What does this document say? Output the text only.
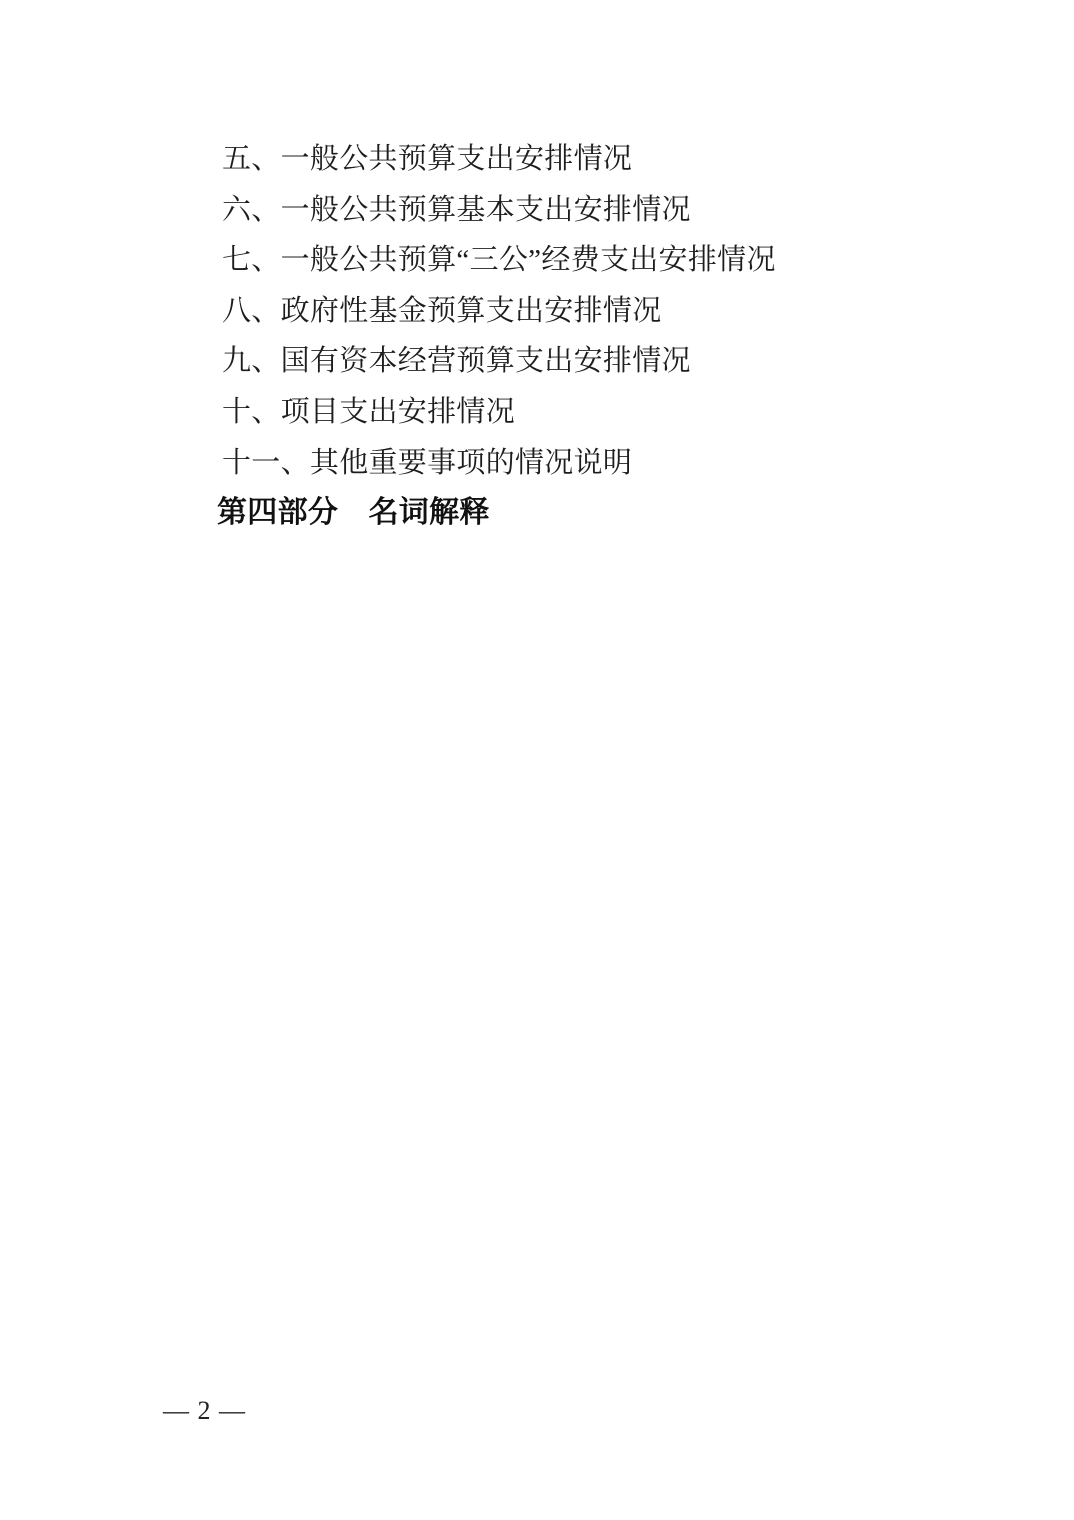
五、一般公共预算支出安排情况
六、一般公共预算基本支出安排情况
七、一般公共预算“三公”经费支出安排情况
八、政府性基金预算支出安排情况
九、国有资本经营预算支出安排情况
十、项目支出安排情况
十一、其他重要事项的情况说明
第四部分　名词解释
— 2 —
